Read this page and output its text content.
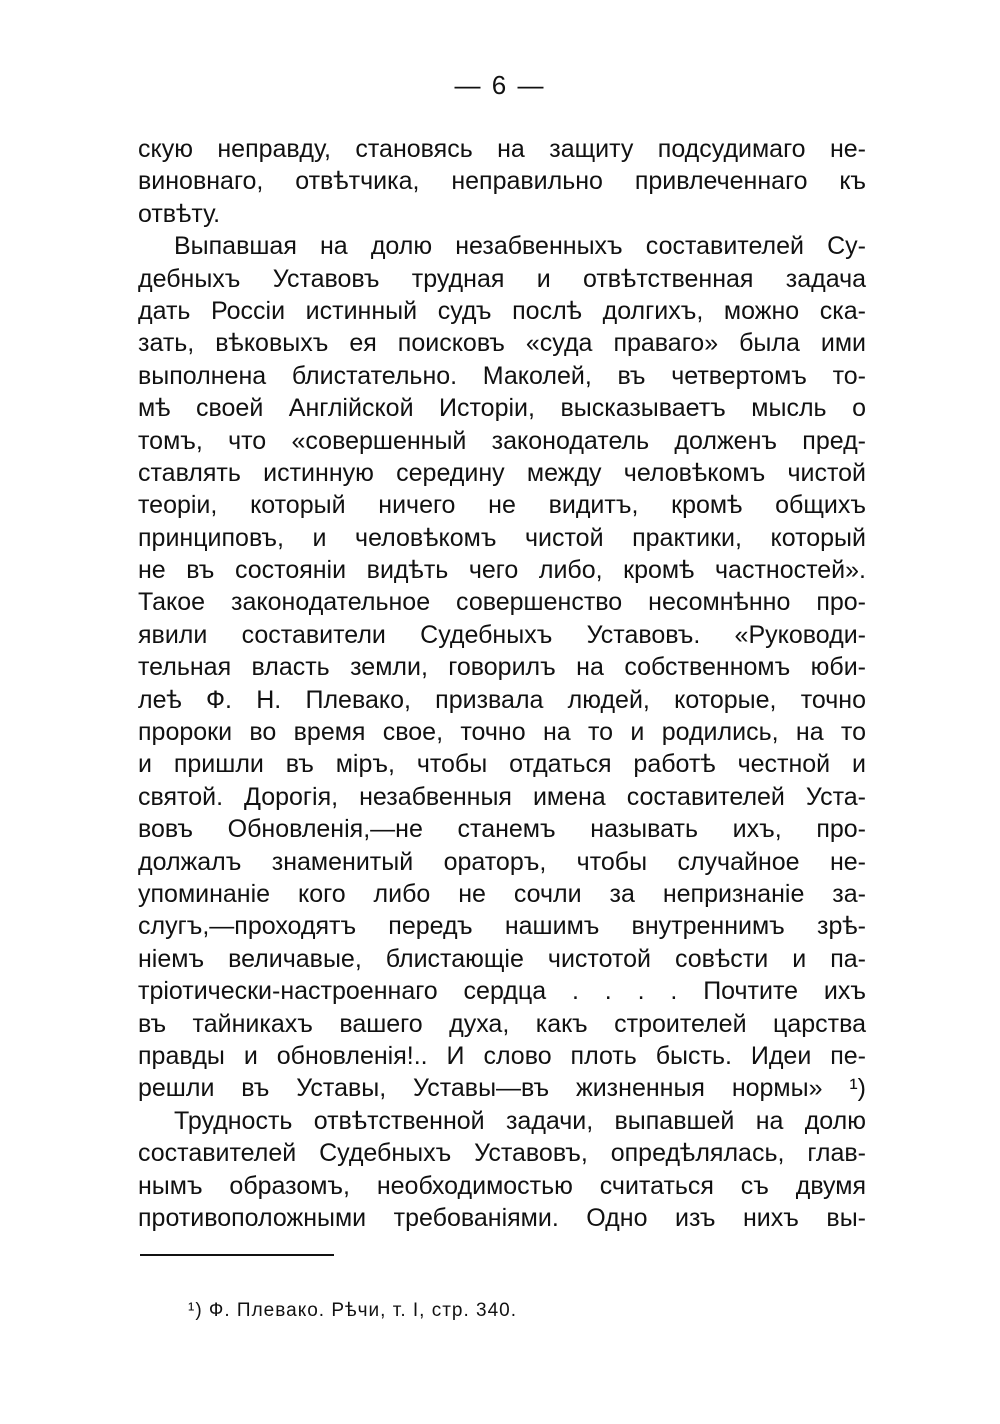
— 6 —
скую неправду, становясь на защиту подсудимаго не-
виновнаго, отвѣтчика, неправильно привлеченнаго къ
отвѣту.
Выпавшая на долю незабвенныхъ составителей Су-
дебныхъ Уставовъ трудная и отвѣтственная задача
дать Россіи истинный судъ послѣ долгихъ, можно ска-
зать, вѣковыхъ ея поисковъ «суда праваго» была ими
выполнена блистательно. Маколей, въ четвертомъ то-
мѣ своей Англійской Исторіи, высказываетъ мысль о
томъ, что «совершенный законодатель долженъ пред-
ставлять истинную середину между человѣкомъ чистой
теоріи, который ничего не видитъ, кромѣ общихъ
принциповъ, и человѣкомъ чистой практики, который
не въ состояніи видѣть чего либо, кромѣ частностей».
Такое законодательное совершенство несомнѣнно про-
явили составители Судебныхъ Уставовъ. «Руководи-
тельная власть земли, говорилъ на собственномъ юби-
леѣ Ф. Н. Плевако, призвала людей, которые, точно
пророки во время свое, точно на то и родились, на то
и пришли въ міръ, чтобы отдаться работѣ честной и
святой. Дорогія, незабвенныя имена составителей Уста-
вовъ Обновленія,—не станемъ называть ихъ, про-
должалъ знаменитый ораторъ, чтобы случайное не-
упоминаніе кого либо не сочли за непризнаніе за-
слугъ,—проходятъ передъ нашимъ внутреннимъ зрѣ-
ніемъ величавые, блистающіе чистотой совѣсти и па-
тріотически-настроеннаго сердца . . . . Почтите ихъ
въ тайникахъ вашего духа, какъ строителей царства
правды и обновленія!.. И слово плоть бысть. Идеи пе-
решли въ Уставы, Уставы—въ жизненныя нормы» ¹)
Трудность отвѣтственной задачи, выпавшей на долю
составителей Судебныхъ Уставовъ, опредѣлялась, глав-
нымъ образомъ, необходимостью считаться съ двумя
противоположными требованіями. Одно изъ нихъ вы-
¹) Ф. Плевако. Рѣчи, т. I, стр. 340.
